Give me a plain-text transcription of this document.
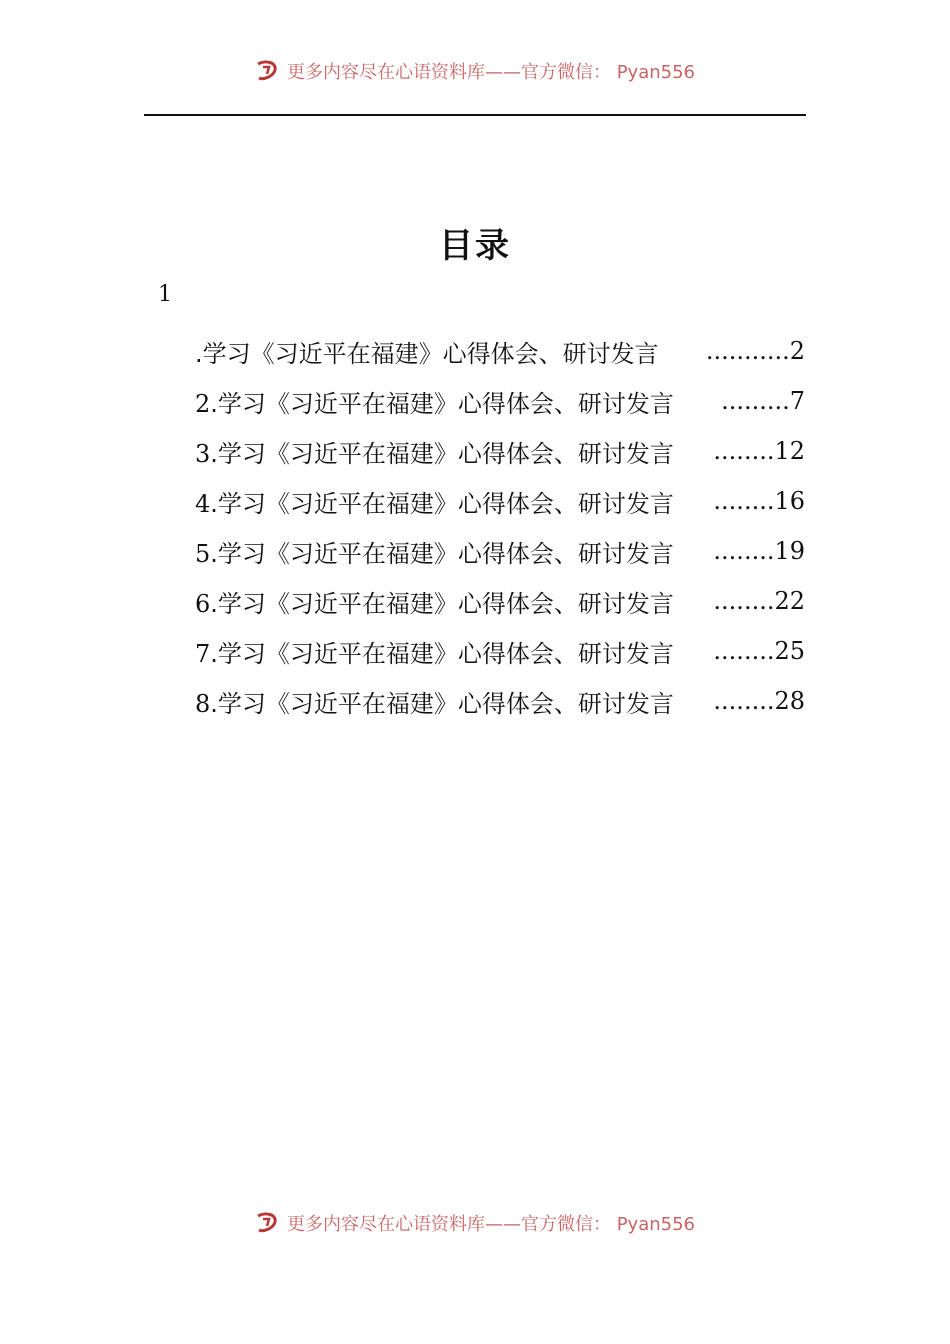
更多内容尽在心语资料库——官方微信： Pyan556
目录
1
.学习《习近平在福建》心得体会、研讨发言 ...........2
2.学习《习近平在福建》心得体会、研讨发言 .........7
3.学习《习近平在福建》心得体会、研讨发言 ........12
4.学习《习近平在福建》心得体会、研讨发言 ........16
5.学习《习近平在福建》心得体会、研讨发言 ........19
6.学习《习近平在福建》心得体会、研讨发言 ........22
7.学习《习近平在福建》心得体会、研讨发言 ........25
8.学习《习近平在福建》心得体会、研讨发言 ........28
更多内容尽在心语资料库——官方微信： Pyan556
